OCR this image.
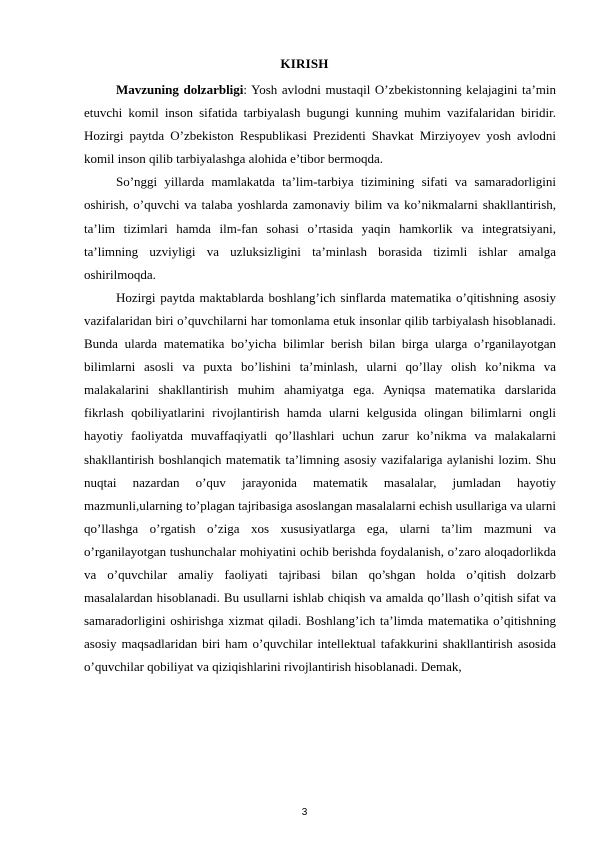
KIRISH

Mavzuning dolzarbligi: Yosh avlodni mustaqil O’zbekistonning kelajagini ta’min etuvchi komil inson sifatida tarbiyalash bugungi kunning muhim vazifalaridan biridir. Hozirgi paytda O’zbekiston Respublikasi Prezidenti Shavkat Mirziyoyev yosh avlodni komil inson qilib tarbiyalashga alohida e’tibor bermoqda.

So’nggi yillarda mamlakatda ta’lim-tarbiya tizimining sifati va samaradorligini oshirish, o’quvchi va talaba yoshlarda zamonaviy bilim va ko’nikmalarni shakllantirish, ta’lim tizimlari hamda ilm-fan sohasi o’rtasida yaqin hamkorlik va integratsiyani, ta’limning uzviyligi va uzluksizligini ta’minlash borasida tizimli ishlar amalga oshirilmoqda.

Hozirgi paytda maktablarda boshlang’ich sinflarda matematika o’qitishning asosiy vazifalaridan biri o’quvchilarni har tomonlama etuk insonlar qilib tarbiyalash hisoblanadi. Bunda ularda matematika bo’yicha bilimlar berish bilan birga ularga o’rganilayotgan bilimlarni asosli va puxta bo’lishini ta’minlash, ularni qo’llay olish ko’nikma va malakalarini shakllantirish muhim ahamiyatga ega. Ayniqsa matematika darslarida fikrlash qobiliyatlarini rivojlantirish hamda ularni kelgusida olingan bilimlarni ongli hayotiy faoliyatda muvaffaqiyatli qo’llashlari uchun zarur ko’nikma va malakalarni shakllantirish boshlanqich matematik ta’limning asosiy vazifalariga aylanishi lozim. Shu nuqtai nazardan o’quv jarayonida matematik masalalar, jumladan hayotiy mazmunli,ularning to’plagan tajribasiga asoslangan masalalarni echish usullariga va ularni qo’llashga o’rgatish o’ziga xos xususiyatlarga ega, ularni ta’lim mazmuni va o’rganilayotgan tushunchalar mohiyatini ochib berishda foydalanish, o’zaro aloqadorlikda va o’quvchilar amaliy faoliyati tajribasi bilan qo’shgan holda o’qitish dolzarb masalalardan hisoblanadi. Bu usullarni ishlab chiqish va amalda qo’llash o’qitish sifat va samaradorligini oshirishga xizmat qiladi. Boshlang’ich ta’limda matematika o’qitishning asosiy maqsadlaridan biri ham o’quvchilar intellektual tafakkurini shakllantirish asosida o’quvchilar qobiliyat va qiziqishlarini rivojlantirish hisoblanadi. Demak,

3
